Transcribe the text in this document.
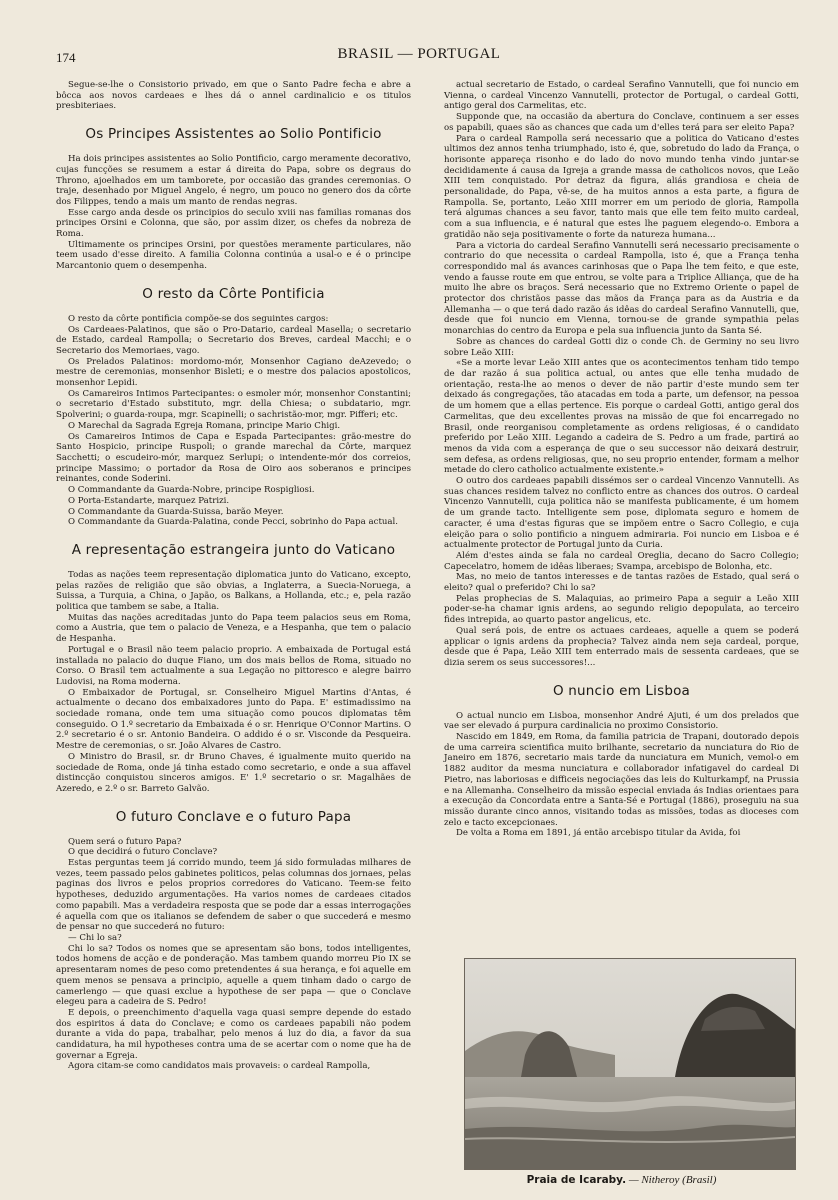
174	BRASIL — PORTUGAL

Segue-se-lhe o Consistorio privado, em que o Santo Padre fecha e abre a bôcca aos novos cardeaes e lhes dá o annel cardinalicio e os titulos presbiteriaes.

Os Principes Assistentes ao Solio Pontificio

Ha dois principes assistentes ao Solio Pontificio, cargo meramente decorativo, cujas funcções se resumem a estar á direita do Papa, sobre os degraus do Throno, ajoelhados em um tamborete, por occasião das grandes ceremonias. O traje, desenhado por Miguel Angelo, é negro, um pouco no genero dos da côrte dos Filippes, tendo a mais um manto de rendas negras.

Esse cargo anda desde os principios do seculo xviii nas familias romanas dos principes Orsini e Colonna, que são, por assim dizer, os chefes da nobreza de Roma.

Ultimamente os principes Orsini, por questões meramente particulares, não teem usado d'esse direito. A familia Colonna continúa a usal-o e é o principe Marcantonio quem o desempenha.

O resto da Côrte Pontificia

O resto da côrte pontificia compõe-se dos seguintes cargos:

Os Cardeaes-Palatinos, que são o Pro-Datario, cardeal Masella; o secretario de Estado, cardeal Rampolla; o Secretario dos Breves, cardeal Macchi; e o Secretario dos Memoriaes, vago.

Os Prelados Palatinos: mordomo-mór, Monsenhor Cagiano deAzevedo; o mestre de ceremonias, monsenhor Bisleti; e o mestre dos palacios apostolicos, monsenhor Lepidi.

Os Camareiros Intimos Partecipantes: o esmoler mór, monsenhor Constantini; o secretario d'Estado substituto, mgr. della Chiesa; o subdatario, mgr. Spolverini; o guarda-roupa, mgr. Scapinelli; o sachristão-mor, mgr. Pifferi; etc.

O Marechal da Sagrada Egreja Romana, principe Mario Chigi.

Os Camareiros Intimos de Capa e Espada Partecipantes: grão-mestre do Santo Hospicio, principe Ruspoli; o grande marechal da Côrte, marquez Sacchetti; o escudeiro-mór, marquez Serlupi; o intendente-mór dos correios, principe Massimo; o portador da Rosa de Oiro aos soberanos e principes reinantes, conde Soderini.

O Commandante da Guarda-Nobre, principe Rospigliosi.

O Porta-Estandarte, marquez Patrizi.

O Commandante da Guarda-Suissa, barão Meyer.

O Commandante da Guarda-Palatina, conde Pecci, sobrinho do Papa actual.

A representação estrangeira junto do Vaticano

Todas as nações teem representação diplomatica junto do Vaticano, excepto, pelas razões de religião que são obvias, a Inglaterra, a Suecia-Noruega, a Suissa, a Turquia, a China, o Japão, os Balkans, a Hollanda, etc.; e, pela razão politica que tambem se sabe, a Italia.

Muitas das nações acreditadas junto do Papa teem palacios seus em Roma, como a Austria, que tem o palacio de Veneza, e a Hespanha, que tem o palacio de Hespanha.

Portugal e o Brasil não teem palacio proprio. A embaixada de Portugal está installada no palacio do duque Fiano, um dos mais bellos de Roma, situado no Corso. O Brasil tem actualmente a sua Legação no pittoresco e alegre bairro Ludovisi, na Roma moderna.

O Embaixador de Portugal, sr. Conselheiro Miguel Martins d'Antas, é actualmente o decano dos embaixadores junto do Papa. E' estimadissimo na sociedade romana, onde tem uma situação como poucos diplomatas têm conseguido. O 1.º secretario da Embaixada é o sr. Henrique O'Connor Martins. O 2.º secretario é o sr. Antonio Bandeira. O addido é o sr. Visconde da Pesqueira. Mestre de ceremonias, o sr. João Alvares de Castro.

O Ministro do Brasil, sr. dr Bruno Chaves, é igualmente muito querido na sociedade de Roma, onde já tinha estado como secretario, e onde a sua affavel distincção conquistou sinceros amigos. E' 1.º secretario o sr. Magalhães de Azeredo, e 2.º o sr. Barreto Galvão.

O futuro Conclave e o futuro Papa

Quem será o futuro Papa?

O que decidirá o futuro Conclave?

Estas perguntas teem já corrido mundo, teem já sido formuladas milhares de vezes, teem passado pelos gabinetes politicos, pelas columnas dos jornaes, pelas paginas dos livros e pelos proprios corredores do Vaticano. Teem-se feito hypotheses, deduzido argumentações. Ha varios nomes de cardeaes citados como papabili. Mas a verdadeira resposta que se pode dar a essas interrogações é aquella com que os italianos se defendem de saber o que succederá e mesmo de pensar no que succederá no futuro:

— Chi lo sa?

Chi lo sa? Todos os nomes que se apresentam são bons, todos intelligentes, todos homens de acção e de ponderação. Mas tambem quando morreu Pio IX se apresentaram nomes de peso como pretendentes á sua herança, e foi aquelle em quem menos se pensava a principio, aquelle a quem tinham dado o cargo de camerlengo — que quasi exclue a hypothese de ser papa — que o Conclave elegeu para a cadeira de S. Pedro!

E depois, o preenchimento d'aquella vaga quasi sempre depende do estado dos espiritos á data do Conclave; e como os cardeaes papabili não podem durante a vida do papa, trabalhar, pelo menos á luz do dia, a favor da sua candidatura, ha mil hypotheses contra uma de se acertar com o nome que ha de governar a Egreja.

Agora citam-se como candidatos mais provaveis: o cardeal Rampolla,

actual secretario de Estado, o cardeal Serafino Vannutelli, que foi nuncio em Vienna, o cardeal Vincenzo Vannutelli, protector de Portugal, o cardeal Gotti, antigo geral dos Carmelitas, etc.

Supponde que, na occasião da abertura do Conclave, continuem a ser esses os papabili, quaes são as chances que cada um d'elles terá para ser eleito Papa?

Para o cardeal Rampolla será necessario que a politica do Vaticano d'estes ultimos dez annos tenha triumphado, isto é, que, sobretudo do lado da França, o horisonte appareça risonho e do lado do novo mundo tenha vindo juntar-se decididamente á causa da Igreja a grande massa de catholicos novos, que Leão XIII tem conquistado. Por detraz da figura, aliás grandiosa e cheia de personalidade, do Papa, vê-se, de ha muitos annos a esta parte, a figura de Rampolla. Se, portanto, Leão XIII morrer em um periodo de gloria, Rampolla terá algumas chances a seu favor, tanto mais que elle tem feito muito cardeal, com a sua influencia, e é natural que estes lhe paguem elegendo-o. Embora a gratidão não seja positivamente o forte da natureza humana...

Para a victoria do cardeal Serafino Vannutelli será necessario precisamente o contrario do que necessita o cardeal Rampolla, isto é, que a França tenha correspondido mal ás avances carinhosas que o Papa lhe tem feito, e que este, vendo a fausse route em que entrou, se volte para a Triplice Alliança, que de ha muito lhe abre os braços. Será necessario que no Extremo Oriente o papel de protector dos christãos passe das mãos da França para as da Austria e da Allemanha — o que terá dado razão ás idêas do cardeal Serafino Vannutelli, que, desde que foi nuncio em Vienna, tornou-se de grande sympathia pelas monarchias do centro da Europa e pela sua influencia junto da Santa Sé.

Sobre as chances do cardeal Gotti diz o conde Ch. de Germiny no seu livro sobre Leão XIII:

«Se a morte levar Leão XIII antes que os acontecimentos tenham tido tempo de dar razão á sua politica actual, ou antes que elle tenha mudado de orientação, resta-lhe ao menos o dever de não partir d'este mundo sem ter deixado ás congregações, tão atacadas em toda a parte, um defensor, na pessoa de um homem que a ellas pertence. Eis porque o cardeal Gotti, antigo geral dos Carmelitas, que deu excellentes provas na missão de que foi encarregado no Brasil, onde reorganisou completamente as ordens religiosas, é o candidato preferido por Leão XIII. Legando a cadeira de S. Pedro a um frade, partirá ao menos da vida com a esperança de que o seu successor não deixará destruir, sem defesa, as ordens religiosas, que, no seu proprio entender, formam a melhor metade do clero catholico actualmente existente.»

O outro dos cardeaes papabili dissémos ser o cardeal Vincenzo Vannutelli. As suas chances residem talvez no conflicto entre as chances dos outros. O cardeal Vincenzo Vannutelli, cuja politica não se manifesta publicamente, é um homem de um grande tacto. Intelligente sem pose, diplomata seguro e homem de caracter, é uma d'estas figuras que se impõem entre o Sacro Collegio, e cuja eleição para o solio pontificio a ninguem admiraria. Foi nuncio em Lisboa e é actualmente protector de Portugal junto da Curia.

Além d'estes ainda se fala no cardeal Oreglia, decano do Sacro Collegio; Capecelatro, homem de idêas liberaes; Svampa, arcebispo de Bolonha, etc.

Mas, no meio de tantos interesses e de tantas razões de Estado, qual será o eleito? qual o preferido? Chi lo sa?

Pelas prophecias de S. Malaquias, ao primeiro Papa a seguir a Leão XIII poder-se-ha chamar ignis ardens, ao segundo religio depopulata, ao terceiro fides intrepida, ao quarto pastor angelicus, etc.

Qual será pois, de entre os actuaes cardeaes, aquelle a quem se poderá applicar o ignis ardens da prophecia? Talvez ainda nem seja cardeal, porque, desde que é Papa, Leão XIII tem enterrado mais de sessenta cardeaes, que se dizia serem os seus successores!...

O nuncio em Lisboa

O actual nuncio em Lisboa, monsenhor André Ajuti, é um dos prelados que vae ser elevado á purpura cardinalicia no proximo Consistorio.

Nascido em 1849, em Roma, da familia patricia de Trapani, doutorado depois de uma carreira scientifica muito brilhante, secretario da nunciatura do Rio de Janeiro em 1876, secretario mais tarde da nunciatura em Munich, vemol-o em 1882 auditor da mesma nunciatura e collaborador infatigavel do cardeal Di Pietro, nas laboriosas e difficeis negociações das leis do Kulturkampf, na Prussia e na Allemanha. Conselheiro da missão especial enviada ás Indias orientaes para a execução da Concordata entre a Santa-Sé e Portugal (1886), proseguiu na sua missão durante cinco annos, visitando todas as missões, todas as dioceses com zelo e tacto excepcionaes.

De volta a Roma em 1891, já então arcebispo titular da Avida, foi

Praia de Icaraby. — Nitheroy (Brasil)
